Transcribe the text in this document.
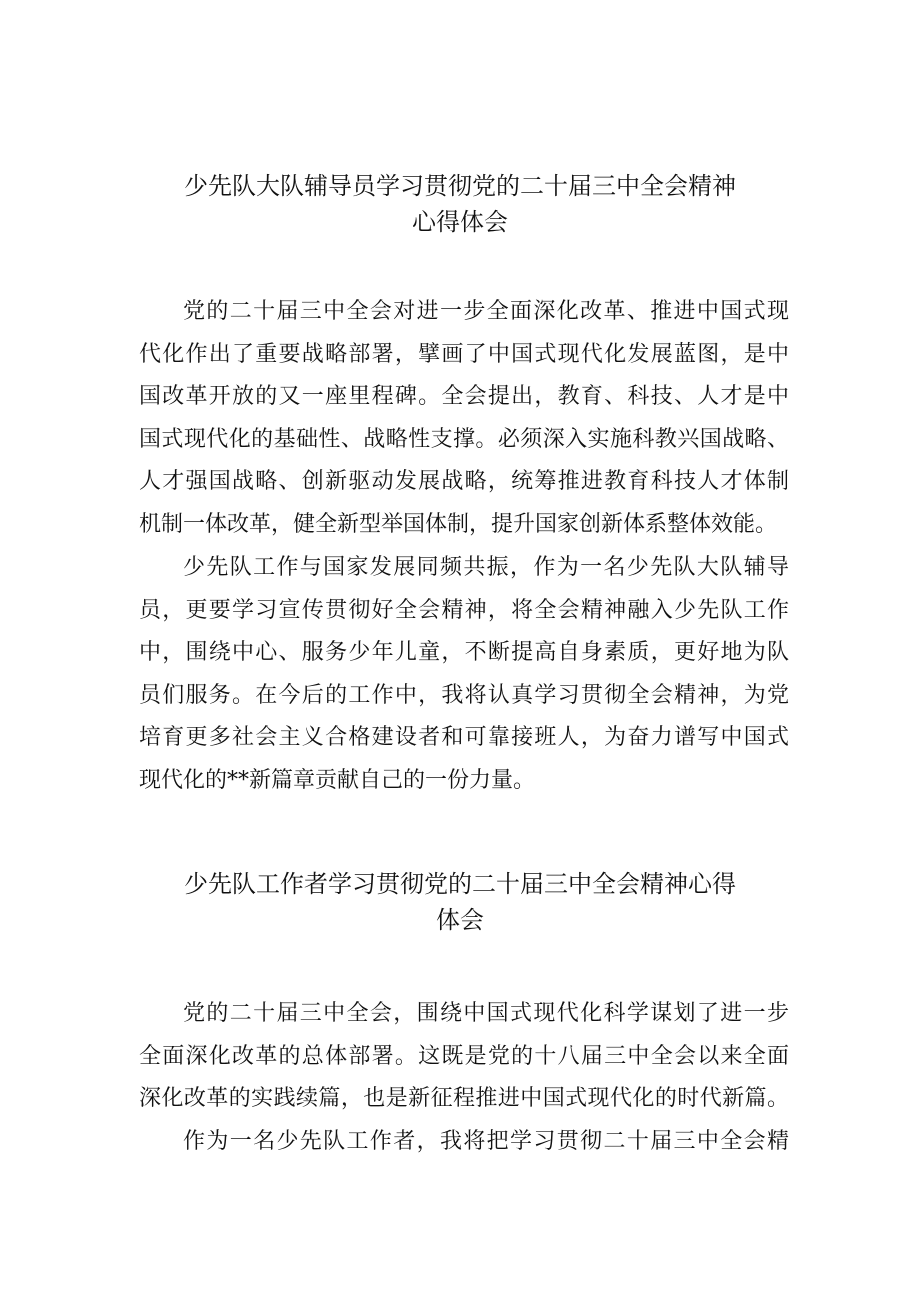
少先队大队辅导员学习贯彻党的二十届三中全会精神
心得体会

党的二十届三中全会对进一步全面深化改革、推进中国式现
代化作出了重要战略部署，擘画了中国式现代化发展蓝图，是中
国改革开放的又一座里程碑。全会提出，教育、科技、人才是中
国式现代化的基础性、战略性支撑。必须深入实施科教兴国战略、
人才强国战略、创新驱动发展战略，统筹推进教育科技人才体制
机制一体改革，健全新型举国体制，提升国家创新体系整体效能。

少先队工作与国家发展同频共振，作为一名少先队大队辅导
员，更要学习宣传贯彻好全会精神，将全会精神融入少先队工作
中，围绕中心、服务少年儿童，不断提高自身素质，更好地为队
员们服务。在今后的工作中，我将认真学习贯彻全会精神，为党
培育更多社会主义合格建设者和可靠接班人，为奋力谱写中国式
现代化的**新篇章贡献自己的一份力量。

少先队工作者学习贯彻党的二十届三中全会精神心得
体会

党的二十届三中全会，围绕中国式现代化科学谋划了进一步
全面深化改革的总体部署。这既是党的十八届三中全会以来全面
深化改革的实践续篇，也是新征程推进中国式现代化的时代新篇。

作为一名少先队工作者，我将把学习贯彻二十届三中全会精
